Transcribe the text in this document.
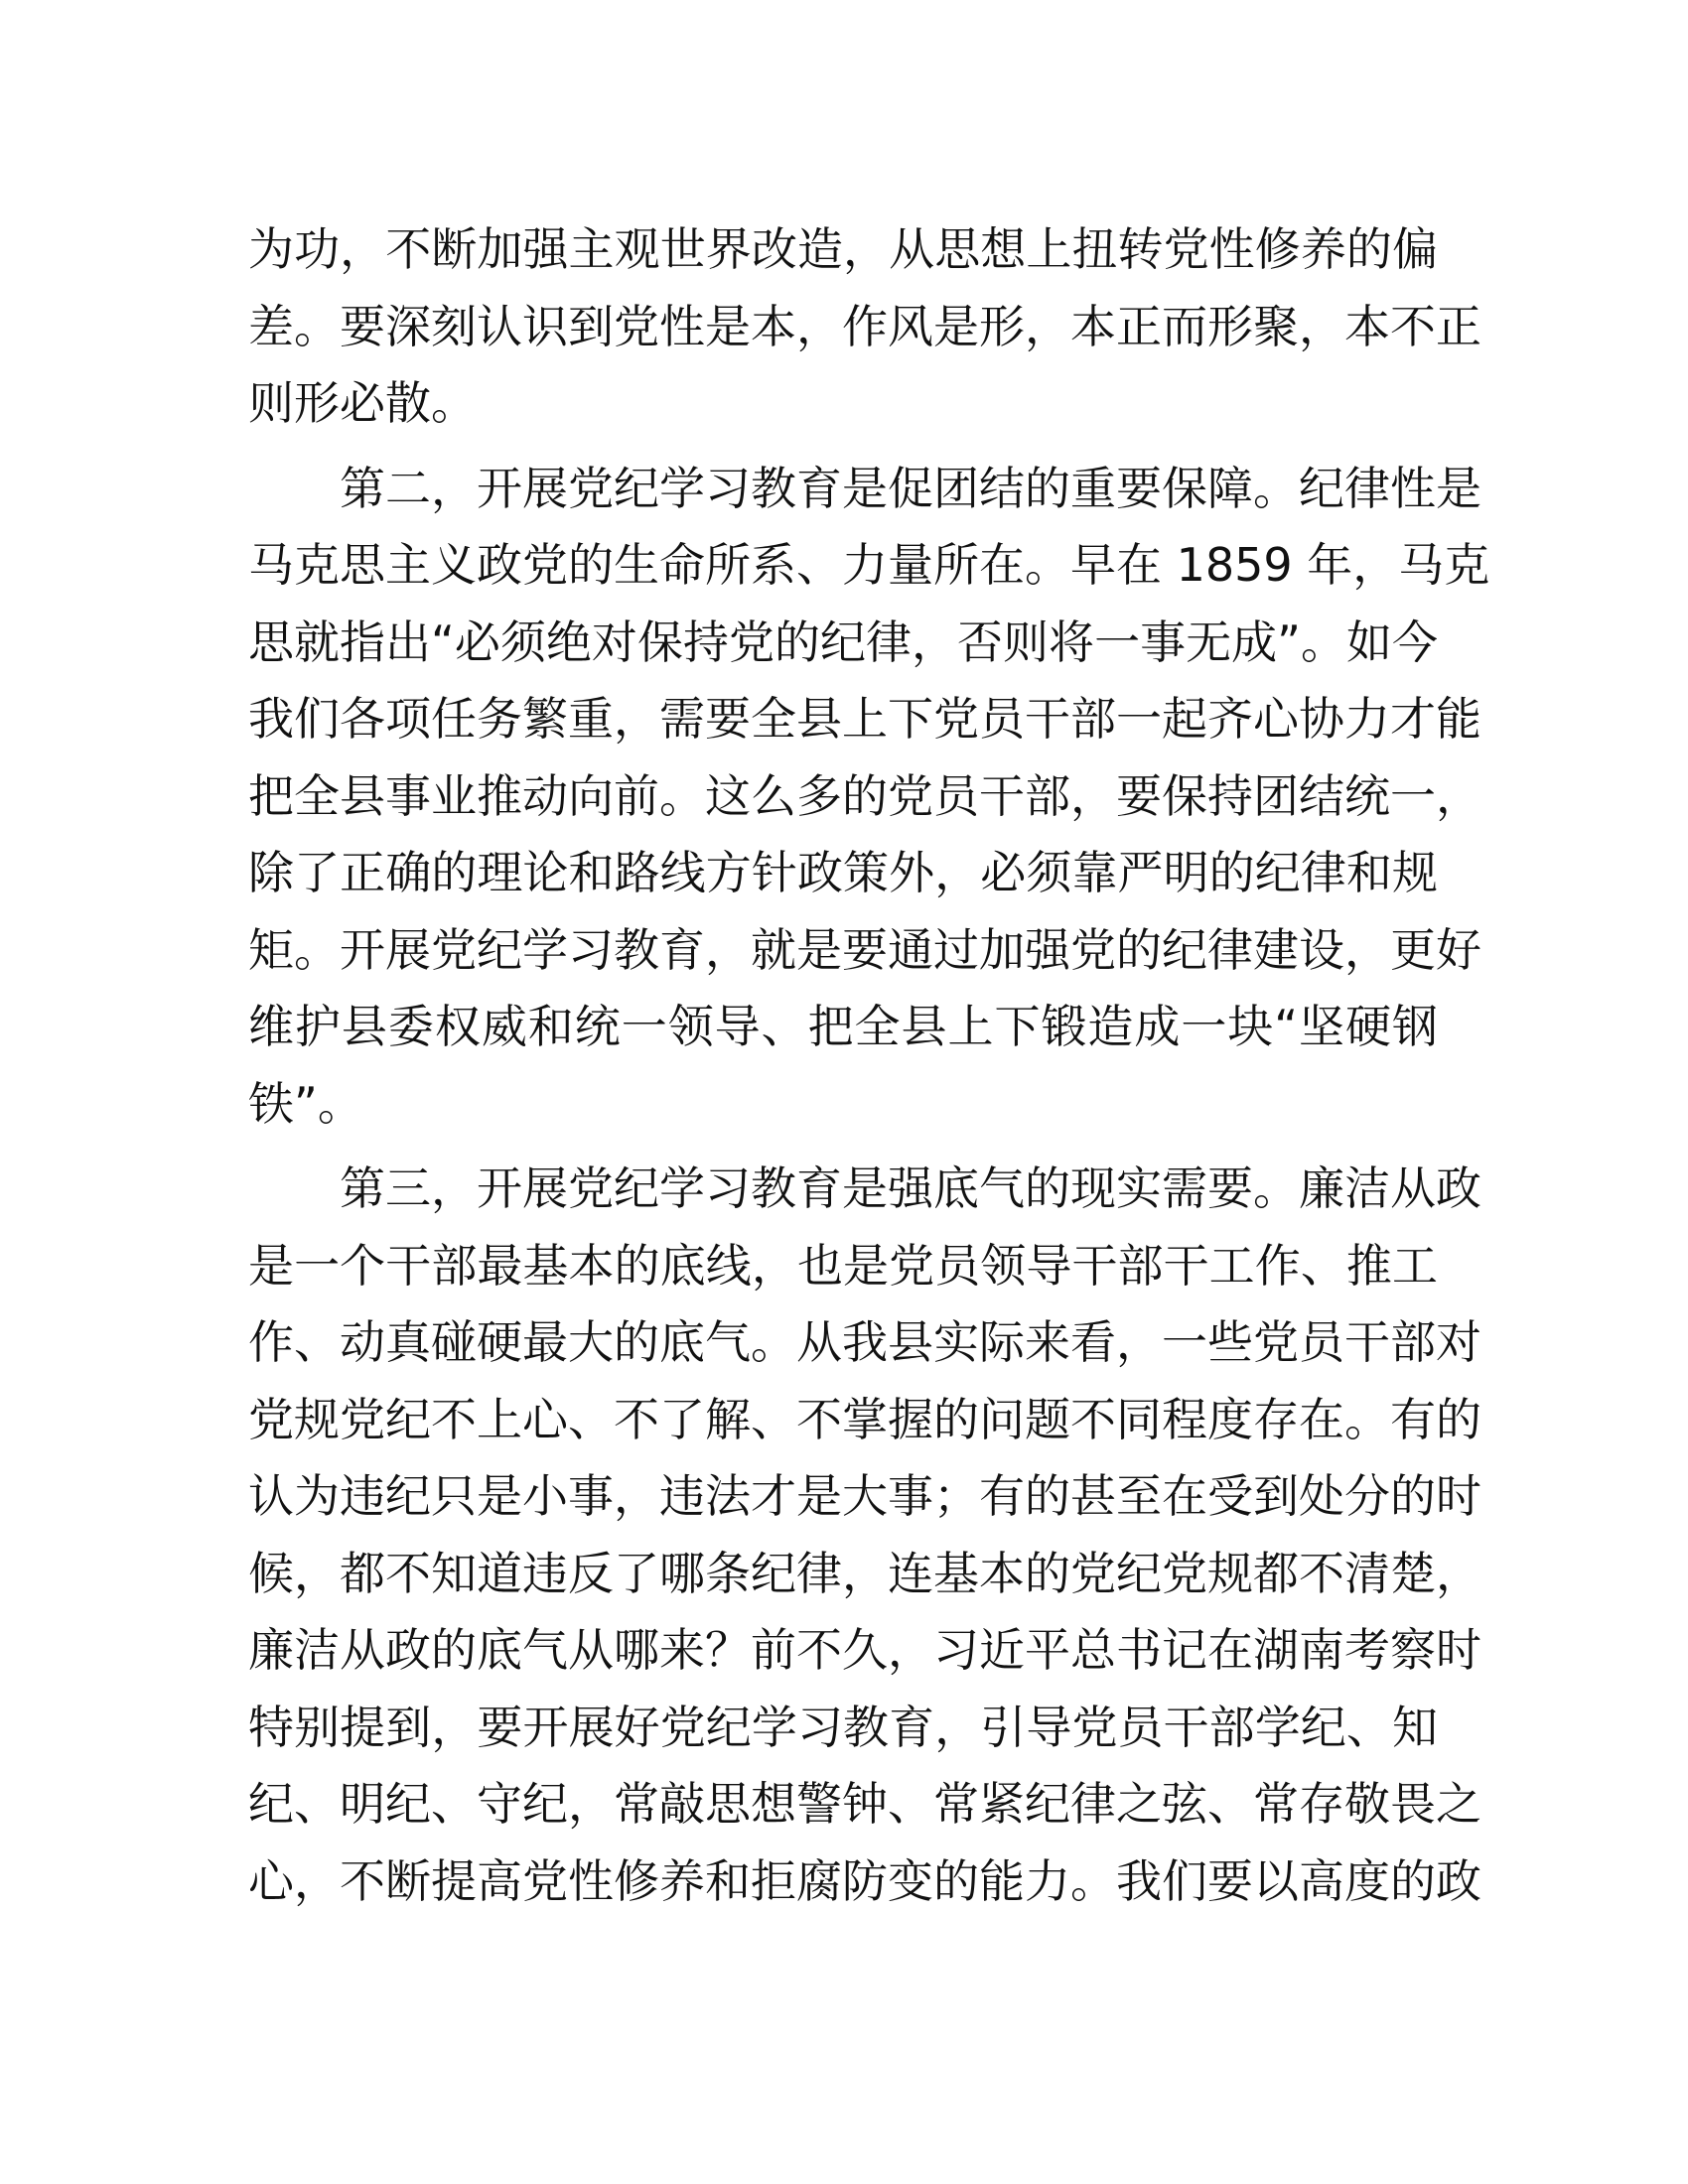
为功，不断加强主观世界改造，从思想上扭转党性修养的偏
差。要深刻认识到党性是本，作风是形，本正而形聚，本不正
则形必散。
第二，开展党纪学习教育是促团结的重要保障。纪律性是
马克思主义政党的生命所系、力量所在。早在 1859 年，马克
思就指出“必须绝对保持党的纪律，否则将一事无成”。如今
我们各项任务繁重，需要全县上下党员干部一起齐心协力才能
把全县事业推动向前。这么多的党员干部，要保持团结统一，
除了正确的理论和路线方针政策外，必须靠严明的纪律和规
矩。开展党纪学习教育，就是要通过加强党的纪律建设，更好
维护县委权威和统一领导、把全县上下锻造成一块“坚硬钢
铁”。
第三，开展党纪学习教育是强底气的现实需要。廉洁从政
是一个干部最基本的底线，也是党员领导干部干工作、推工
作、动真碰硬最大的底气。从我县实际来看，一些党员干部对
党规党纪不上心、不了解、不掌握的问题不同程度存在。有的
认为违纪只是小事，违法才是大事；有的甚至在受到处分的时
候，都不知道违反了哪条纪律，连基本的党纪党规都不清楚，
廉洁从政的底气从哪来？前不久，习近平总书记在湖南考察时
特别提到，要开展好党纪学习教育，引导党员干部学纪、知
纪、明纪、守纪，常敲思想警钟、常紧纪律之弦、常存敬畏之
心，不断提高党性修养和拒腐防变的能力。我们要以高度的政
